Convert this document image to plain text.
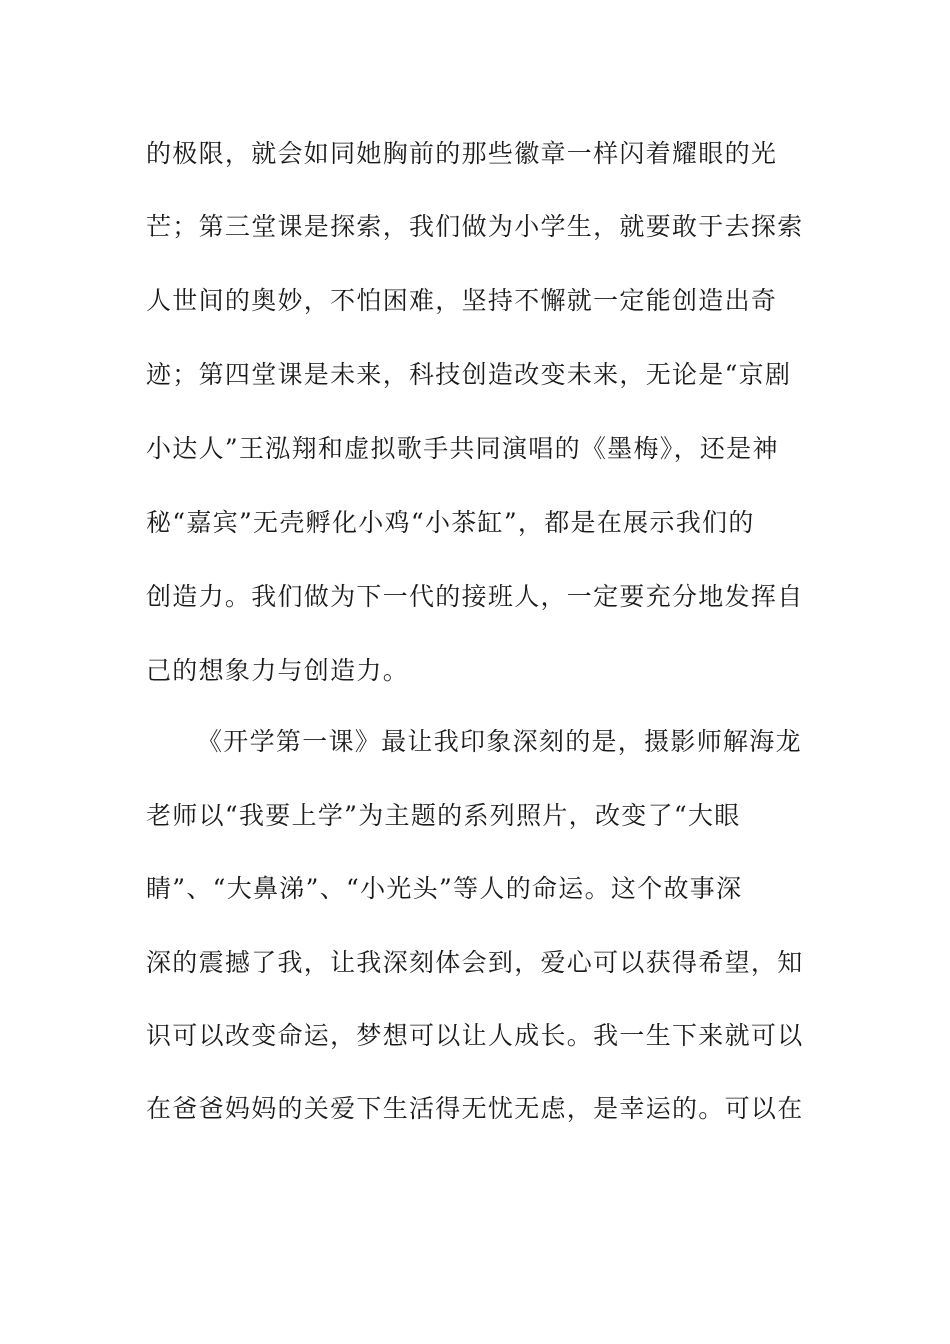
的极限，就会如同她胸前的那些徽章一样闪着耀眼的光
芒；第三堂课是探索，我们做为小学生，就要敢于去探索
人世间的奥妙，不怕困难，坚持不懈就一定能创造出奇
迹；第四堂课是未来，科技创造改变未来，无论是“京剧
小达人”王泓翔和虚拟歌手共同演唱的《墨梅》，还是神
秘“嘉宾”无壳孵化小鸡“小茶缸”，都是在展示我们的
创造力。我们做为下一代的接班人，一定要充分地发挥自
己的想象力与创造力。
《开学第一课》最让我印象深刻的是，摄影师解海龙
老师以“我要上学”为主题的系列照片，改变了“大眼
睛”、“大鼻涕”、“小光头”等人的命运。这个故事深
深的震撼了我，让我深刻体会到，爱心可以获得希望，知
识可以改变命运，梦想可以让人成长。我一生下来就可以
在爸爸妈妈的关爱下生活得无忧无虑，是幸运的。可以在
